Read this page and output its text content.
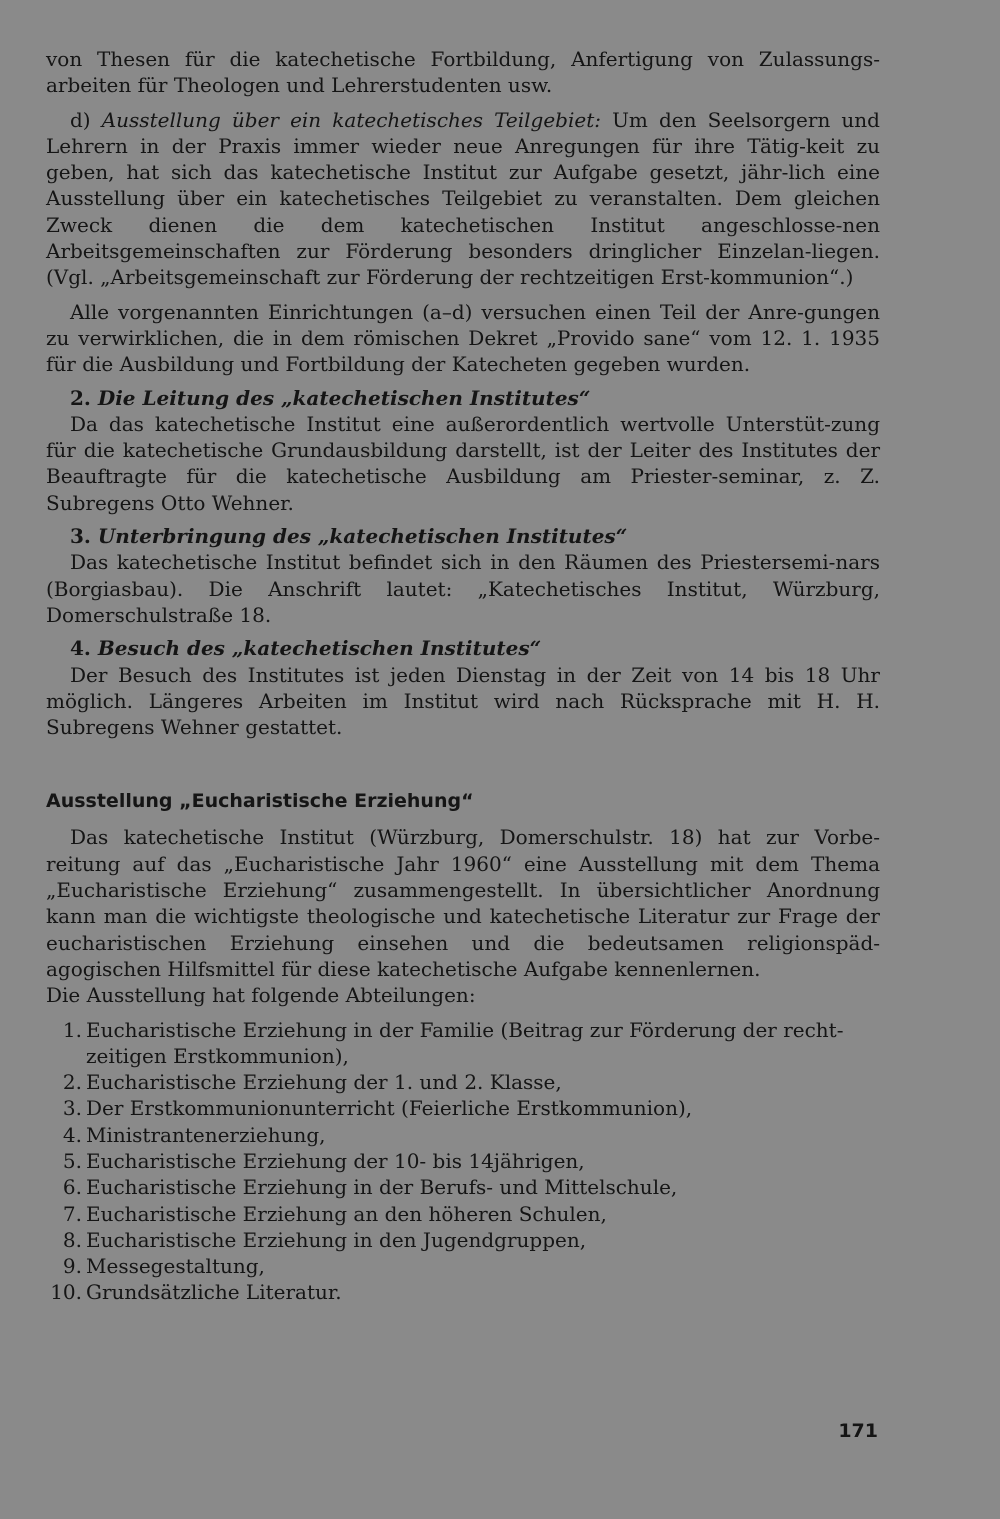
von Thesen für die katechetische Fortbildung, Anfertigung von Zulassungs-arbeiten für Theologen und Lehrerstudenten usw.

d) Ausstellung über ein katechetisches Teilgebiet: Um den Seelsorgern und Lehrern in der Praxis immer wieder neue Anregungen für ihre Tätig-keit zu geben, hat sich das katechetische Institut zur Aufgabe gesetzt, jähr-lich eine Ausstellung über ein katechetisches Teilgebiet zu veranstalten. Dem gleichen Zweck dienen die dem katechetischen Institut angeschlosse-nen Arbeitsgemeinschaften zur Förderung besonders dringlicher Einzelan-liegen. (Vgl. „Arbeitsgemeinschaft zur Förderung der rechtzeitigen Erst-kommunion“.)

Alle vorgenannten Einrichtungen (a–d) versuchen einen Teil der Anre-gungen zu verwirklichen, die in dem römischen Dekret „Provido sane“ vom 12. 1. 1935 für die Ausbildung und Fortbildung der Katecheten gegeben wurden.

2. Die Leitung des „katechetischen Institutes“

Da das katechetische Institut eine außerordentlich wertvolle Unterstüt-zung für die katechetische Grundausbildung darstellt, ist der Leiter des Institutes der Beauftragte für die katechetische Ausbildung am Priester-seminar, z. Z. Subregens Otto Wehner.

3. Unterbringung des „katechetischen Institutes“

Das katechetische Institut befindet sich in den Räumen des Priestersemi-nars (Borgiasbau). Die Anschrift lautet: „Katechetisches Institut, Würzburg, Domerschulstraße 18.

4. Besuch des „katechetischen Institutes“

Der Besuch des Institutes ist jeden Dienstag in der Zeit von 14 bis 18 Uhr möglich. Längeres Arbeiten im Institut wird nach Rücksprache mit H. H. Subregens Wehner gestattet.

Ausstellung „Eucharistische Erziehung“

Das katechetische Institut (Würzburg, Domerschulstr. 18) hat zur Vorbe-reitung auf das „Eucharistische Jahr 1960“ eine Ausstellung mit dem Thema „Eucharistische Erziehung“ zusammengestellt. In übersichtlicher Anordnung kann man die wichtigste theologische und katechetische Literatur zur Frage der eucharistischen Erziehung einsehen und die bedeutsamen religionspäd-agogischen Hilfsmittel für diese katechetische Aufgabe kennenlernen.

Die Ausstellung hat folgende Abteilungen:

1. Eucharistische Erziehung in der Familie (Beitrag zur Förderung der recht-zeitigen Erstkommunion),
2. Eucharistische Erziehung der 1. und 2. Klasse,
3. Der Erstkommunionunterricht (Feierliche Erstkommunion),
4. Ministrantenerziehung,
5. Eucharistische Erziehung der 10- bis 14jährigen,
6. Eucharistische Erziehung in der Berufs- und Mittelschule,
7. Eucharistische Erziehung an den höheren Schulen,
8. Eucharistische Erziehung in den Jugendgruppen,
9. Messegestaltung,
10. Grundsätzliche Literatur.
171
